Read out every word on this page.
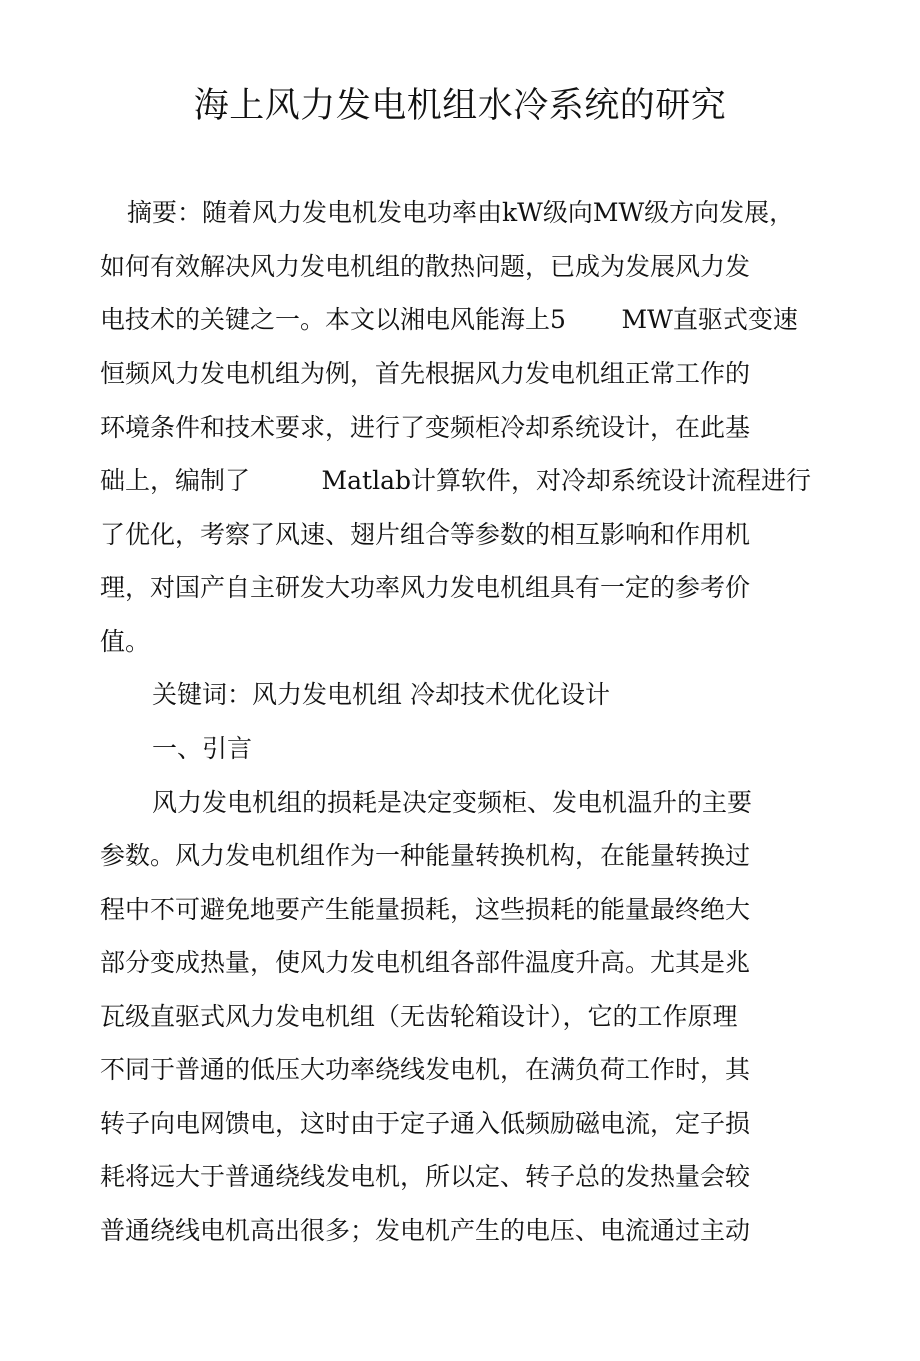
海上风力发电机组水冷系统的研究
摘要：随着风力发电机发电功率由kW级向MW级方向发展，
如何有效解决风力发电机组的散热问题，已成为发展风力发
电技术的关键之一。本文以湘电风能海上5       MW直驱式变速
恒频风力发电机组为例，首先根据风力发电机组正常工作的
环境条件和技术要求，进行了变频柜冷却系统设计，在此基
础上，编制了         Matlab计算软件，对冷却系统设计流程进行
了优化，考察了风速、翅片组合等参数的相互影响和作用机
理，对国产自主研发大功率风力发电机组具有一定的参考价
值。
关键词：风力发电机组 冷却技术优化设计
一、引言
风力发电机组的损耗是决定变频柜、发电机温升的主要
参数。风力发电机组作为一种能量转换机构，在能量转换过
程中不可避免地要产生能量损耗，这些损耗的能量最终绝大
部分变成热量，使风力发电机组各部件温度升高。尤其是兆
瓦级直驱式风力发电机组（无齿轮箱设计），它的工作原理
不同于普通的低压大功率绕线发电机，在满负荷工作时，其
转子向电网馈电，这时由于定子通入低频励磁电流，定子损
耗将远大于普通绕线发电机，所以定、转子总的发热量会较
普通绕线电机高出很多；发电机产生的电压、电流通过主动
